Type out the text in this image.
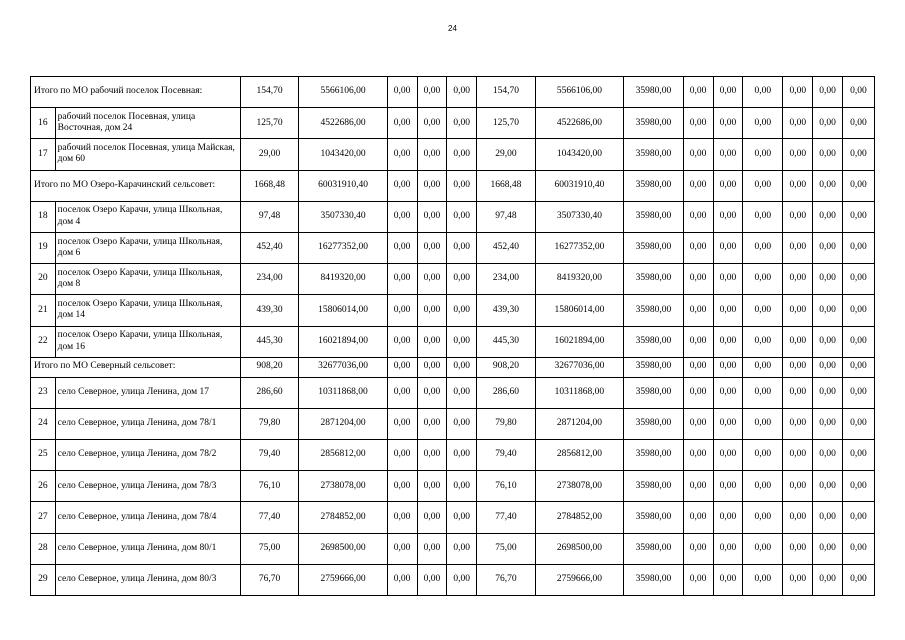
24
Итого по МО рабочий поселок Посевная:		154,70	5566106,00	0,00	0,00	0,00	154,70	5566106,00	35980,00	0,00	0,00	0,00	0,00	0,00	0,00
16	рабочий поселок Посевная, улица Восточная, дом 24	125,70	4522686,00	0,00	0,00	0,00	125,70	4522686,00	35980,00	0,00	0,00	0,00	0,00	0,00	0,00
17	рабочий поселок Посевная, улица Майская, дом 60	29,00	1043420,00	0,00	0,00	0,00	29,00	1043420,00	35980,00	0,00	0,00	0,00	0,00	0,00	0,00
Итого по МО Озеро-Карачинский сельсовет:		1668,48	60031910,40	0,00	0,00	0,00	1668,48	60031910,40	35980,00	0,00	0,00	0,00	0,00	0,00	0,00
18	поселок Озеро Карачи, улица Школьная, дом 4	97,48	3507330,40	0,00	0,00	0,00	97,48	3507330,40	35980,00	0,00	0,00	0,00	0,00	0,00	0,00
19	поселок Озеро Карачи, улица Школьная, дом 6	452,40	16277352,00	0,00	0,00	0,00	452,40	16277352,00	35980,00	0,00	0,00	0,00	0,00	0,00	0,00
20	поселок Озеро Карачи, улица Школьная, дом 8	234,00	8419320,00	0,00	0,00	0,00	234,00	8419320,00	35980,00	0,00	0,00	0,00	0,00	0,00	0,00
21	поселок Озеро Карачи, улица Школьная, дом 14	439,30	15806014,00	0,00	0,00	0,00	439,30	15806014,00	35980,00	0,00	0,00	0,00	0,00	0,00	0,00
22	поселок Озеро Карачи, улица Школьная, дом 16	445,30	16021894,00	0,00	0,00	0,00	445,30	16021894,00	35980,00	0,00	0,00	0,00	0,00	0,00	0,00
Итого по МО Северный сельсовет:		908,20	32677036,00	0,00	0,00	0,00	908,20	32677036,00	35980,00	0,00	0,00	0,00	0,00	0,00	0,00
23	село Северное, улица Ленина, дом 17	286,60	10311868,00	0,00	0,00	0,00	286,60	10311868,00	35980,00	0,00	0,00	0,00	0,00	0,00	0,00
24	село Северное, улица Ленина, дом 78/1	79,80	2871204,00	0,00	0,00	0,00	79,80	2871204,00	35980,00	0,00	0,00	0,00	0,00	0,00	0,00
25	село Северное, улица Ленина, дом 78/2	79,40	2856812,00	0,00	0,00	0,00	79,40	2856812,00	35980,00	0,00	0,00	0,00	0,00	0,00	0,00
26	село Северное, улица Ленина, дом 78/3	76,10	2738078,00	0,00	0,00	0,00	76,10	2738078,00	35980,00	0,00	0,00	0,00	0,00	0,00	0,00
27	село Северное, улица Ленина, дом 78/4	77,40	2784852,00	0,00	0,00	0,00	77,40	2784852,00	35980,00	0,00	0,00	0,00	0,00	0,00	0,00
28	село Северное, улица Ленина, дом 80/1	75,00	2698500,00	0,00	0,00	0,00	75,00	2698500,00	35980,00	0,00	0,00	0,00	0,00	0,00	0,00
29	село Северное, улица Ленина, дом 80/3	76,70	2759666,00	0,00	0,00	0,00	76,70	2759666,00	35980,00	0,00	0,00	0,00	0,00	0,00	0,00
